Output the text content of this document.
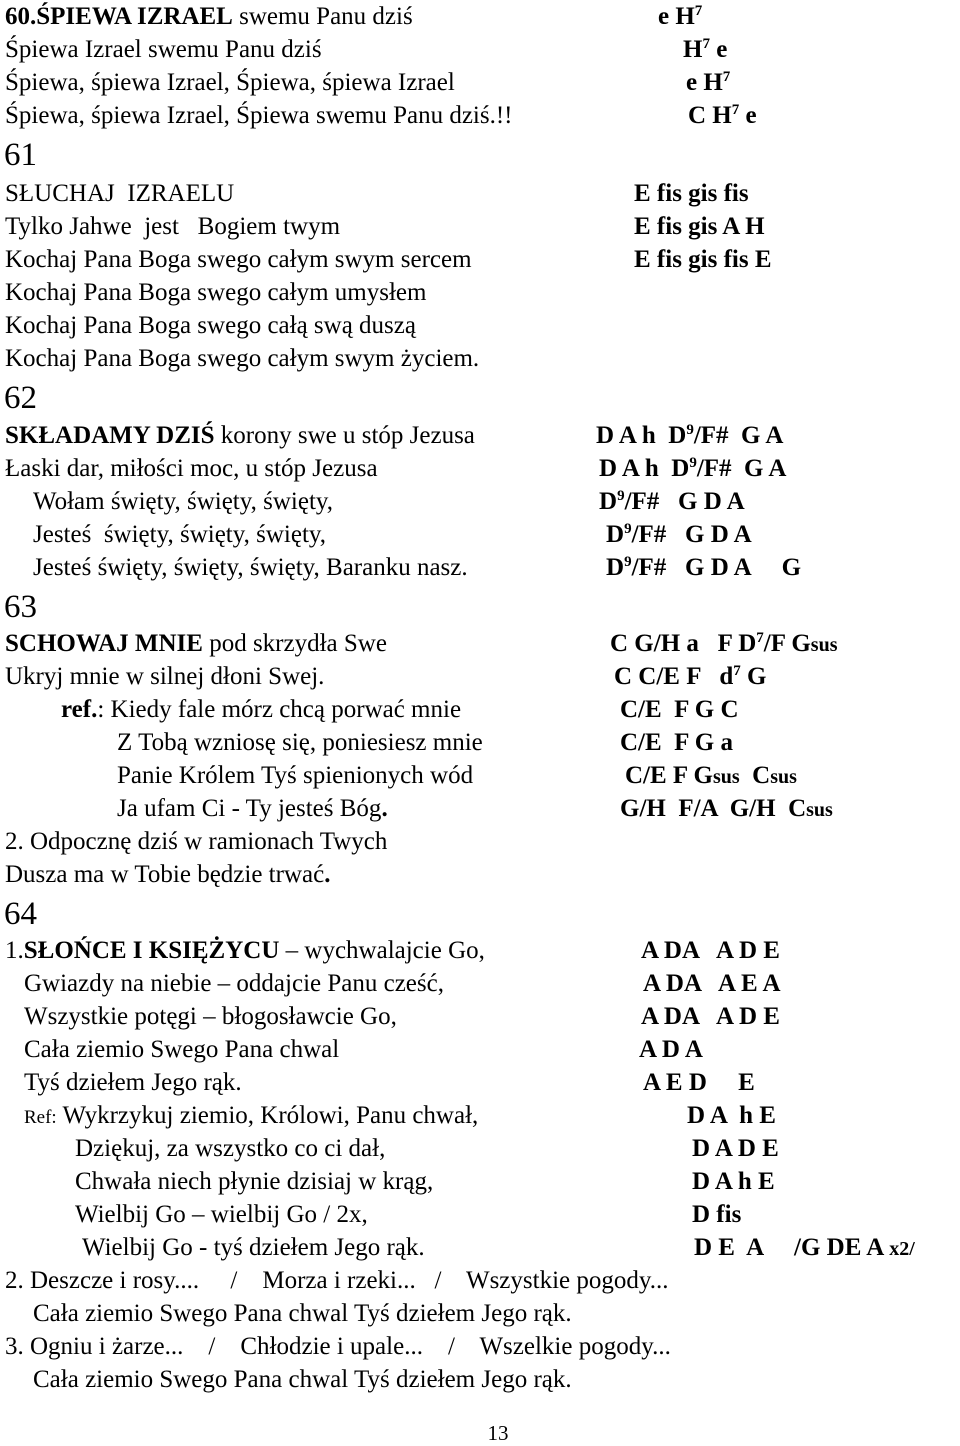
60.ŚPIEWA IZRAEL swemu Panu dziś	e $H^7$
Śpiewa Izrael swemu Panu dziś	$H^7$ e
Śpiewa, śpiewa Izrael, Śpiewa, śpiewa Izrael	e $H^7$
Śpiewa, śpiewa Izrael, Śpiewa swemu Panu dziś.!!	C $H^7$ e
61
SŁUCHAJ  IZRAELU	E fis gis fis
Tylko Jahwe  jest   Bogiem twym	E fis gis A H
Kochaj Pana Boga swego całym swym sercem	E fis gis fis E
Kochaj Pana Boga swego całym umysłem
Kochaj Pana Boga swego całą swą duszą
Kochaj Pana Boga swego całym swym życiem.
62
SKŁADAMY DZIŚ korony swe u stóp Jezusa	D A h  $D^9/F\#$  G A
Łaski dar, miłości moc, u stóp Jezusa	D A h  $D^9/F\#$  G A
Wołam święty, święty, święty,	$D^9/F\#$   G D A
Jesteś  święty, święty, święty,	$D^9/F\#$   G D A
Jesteś święty, święty, święty, Baranku nasz.	$D^9/F\#$   G D A     G
63
SCHOWAJ MNIE pod skrzydła Swe	C G/H a   F $D^7/F$ Gsus
Ukryj mnie w silnej dłoni Swej.	C C/E F   $d^7$ G
ref.: Kiedy fale mórz chcą porwać mnie	C/E  F G C
Z Tobą wzniosę się, poniesiesz mnie	C/E  F G a
Panie Królem Tyś spienionych wód	C/E F Gsus  Csus
Ja ufam Ci - Ty jesteś Bóg.	G/H  F/A  G/H  Csus
2. Odpocznę dziś w ramionach Twych
Dusza ma w Tobie będzie trwać.
64
1.SŁOŃCE I KSIĘŻYCU – wychwalajcie Go,	A DA   A D E
Gwiazdy na niebie – oddajcie Panu cześć,	A DA   A E A
Wszystkie potęgi – błogosławcie Go,	A DA   A D E
Cała ziemio Swego Pana chwal	A D A
Tyś dziełem Jego rąk.	A E D     E
Ref: Wykrzykuj ziemio, Królowi, Panu chwał,	D A  h E
Dziękuj, za wszystko co ci dał,	D A D E
Chwała niech płynie dzisiaj w krąg,	D A h E
Wielbij Go – wielbij Go / 2x,	D fis
Wielbij Go - tyś dziełem Jego rąk.	D E  A     /G DE A x2/
2. Deszcze i rosy....     /    Morza i rzeki...   /    Wszystkie pogody...
Cała ziemio Swego Pana chwal Tyś dziełem Jego rąk.
3. Ogniu i żarze...    /    Chłodzie i upale...    /    Wszelkie pogody...
Cała ziemio Swego Pana chwal Tyś dziełem Jego rąk.
13
